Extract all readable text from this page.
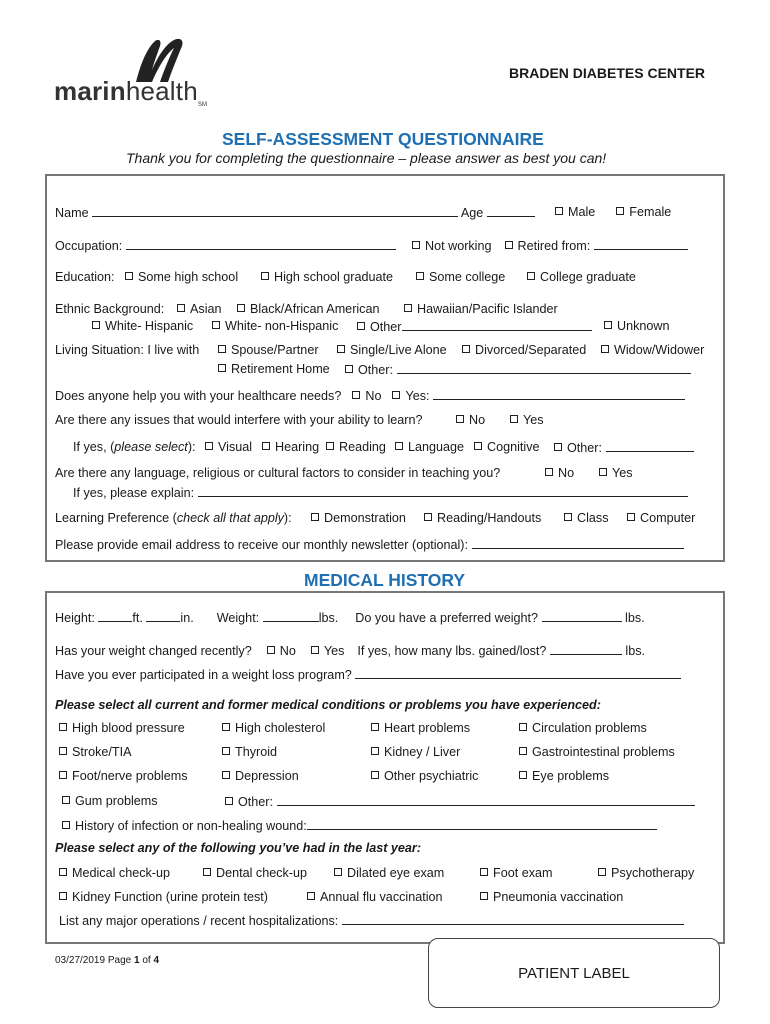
marinhealth$_{SM}$
BRADEN DIABETES CENTER
SELF-ASSESSMENT QUESTIONNAIRE
Thank you for completing the questionnaire – please answer as best you can!
Name	Age	Male	Female
Occupation:	Not working Retired from:
Education:	Some high school	High school graduate	Some college	College graduate
Ethnic Background:	Asian	Black/African American	Hawaiian/Pacific Islander
White- Hispanic	White- non-Hispanic	Other	Unknown
Living Situation: I live with	Spouse/Partner	Single/Live Alone	Divorced/Separated	Widow/Widower
Retirement Home	Other:
Does anyone help you with your healthcare needs? No Yes:
Are there any issues that would interfere with your ability to learn?	No	Yes
If yes, (please select):	Visual	Hearing	Reading	Language	Cognitive	Other:
Are there any language, religious or cultural factors to consider in teaching you?	No	Yes
If yes, please explain:
Learning Preference (check all that apply):	Demonstration	Reading/Handouts	Class	Computer
Please provide email address to receive our monthly newsletter (optional):
MEDICAL HISTORY
Height:	ft.	in. Weight:	lbs. Do you have a preferred weight?	lbs.
Has your weight changed recently? No Yes If yes, how many lbs. gained/lost?	lbs.
Have you ever participated in a weight loss program?
Please select all current and former medical conditions or problems you have experienced:
High blood pressure	High cholesterol	Heart problems	Circulation problems
Stroke/TIA	Thyroid	Kidney / Liver	Gastrointestinal problems
Foot/nerve problems	Depression	Other psychiatric	Eye problems
Gum problems	Other:
History of infection or non-healing wound:
Please select any of the following you’ve had in the last year:
Medical check-up	Dental check-up	Dilated eye exam	Foot exam	Psychotherapy
Kidney Function (urine protein test)	Annual flu vaccination	Pneumonia vaccination
List any major operations / recent hospitalizations:
03/27/2019 Page 1 of 4
PATIENT LABEL
